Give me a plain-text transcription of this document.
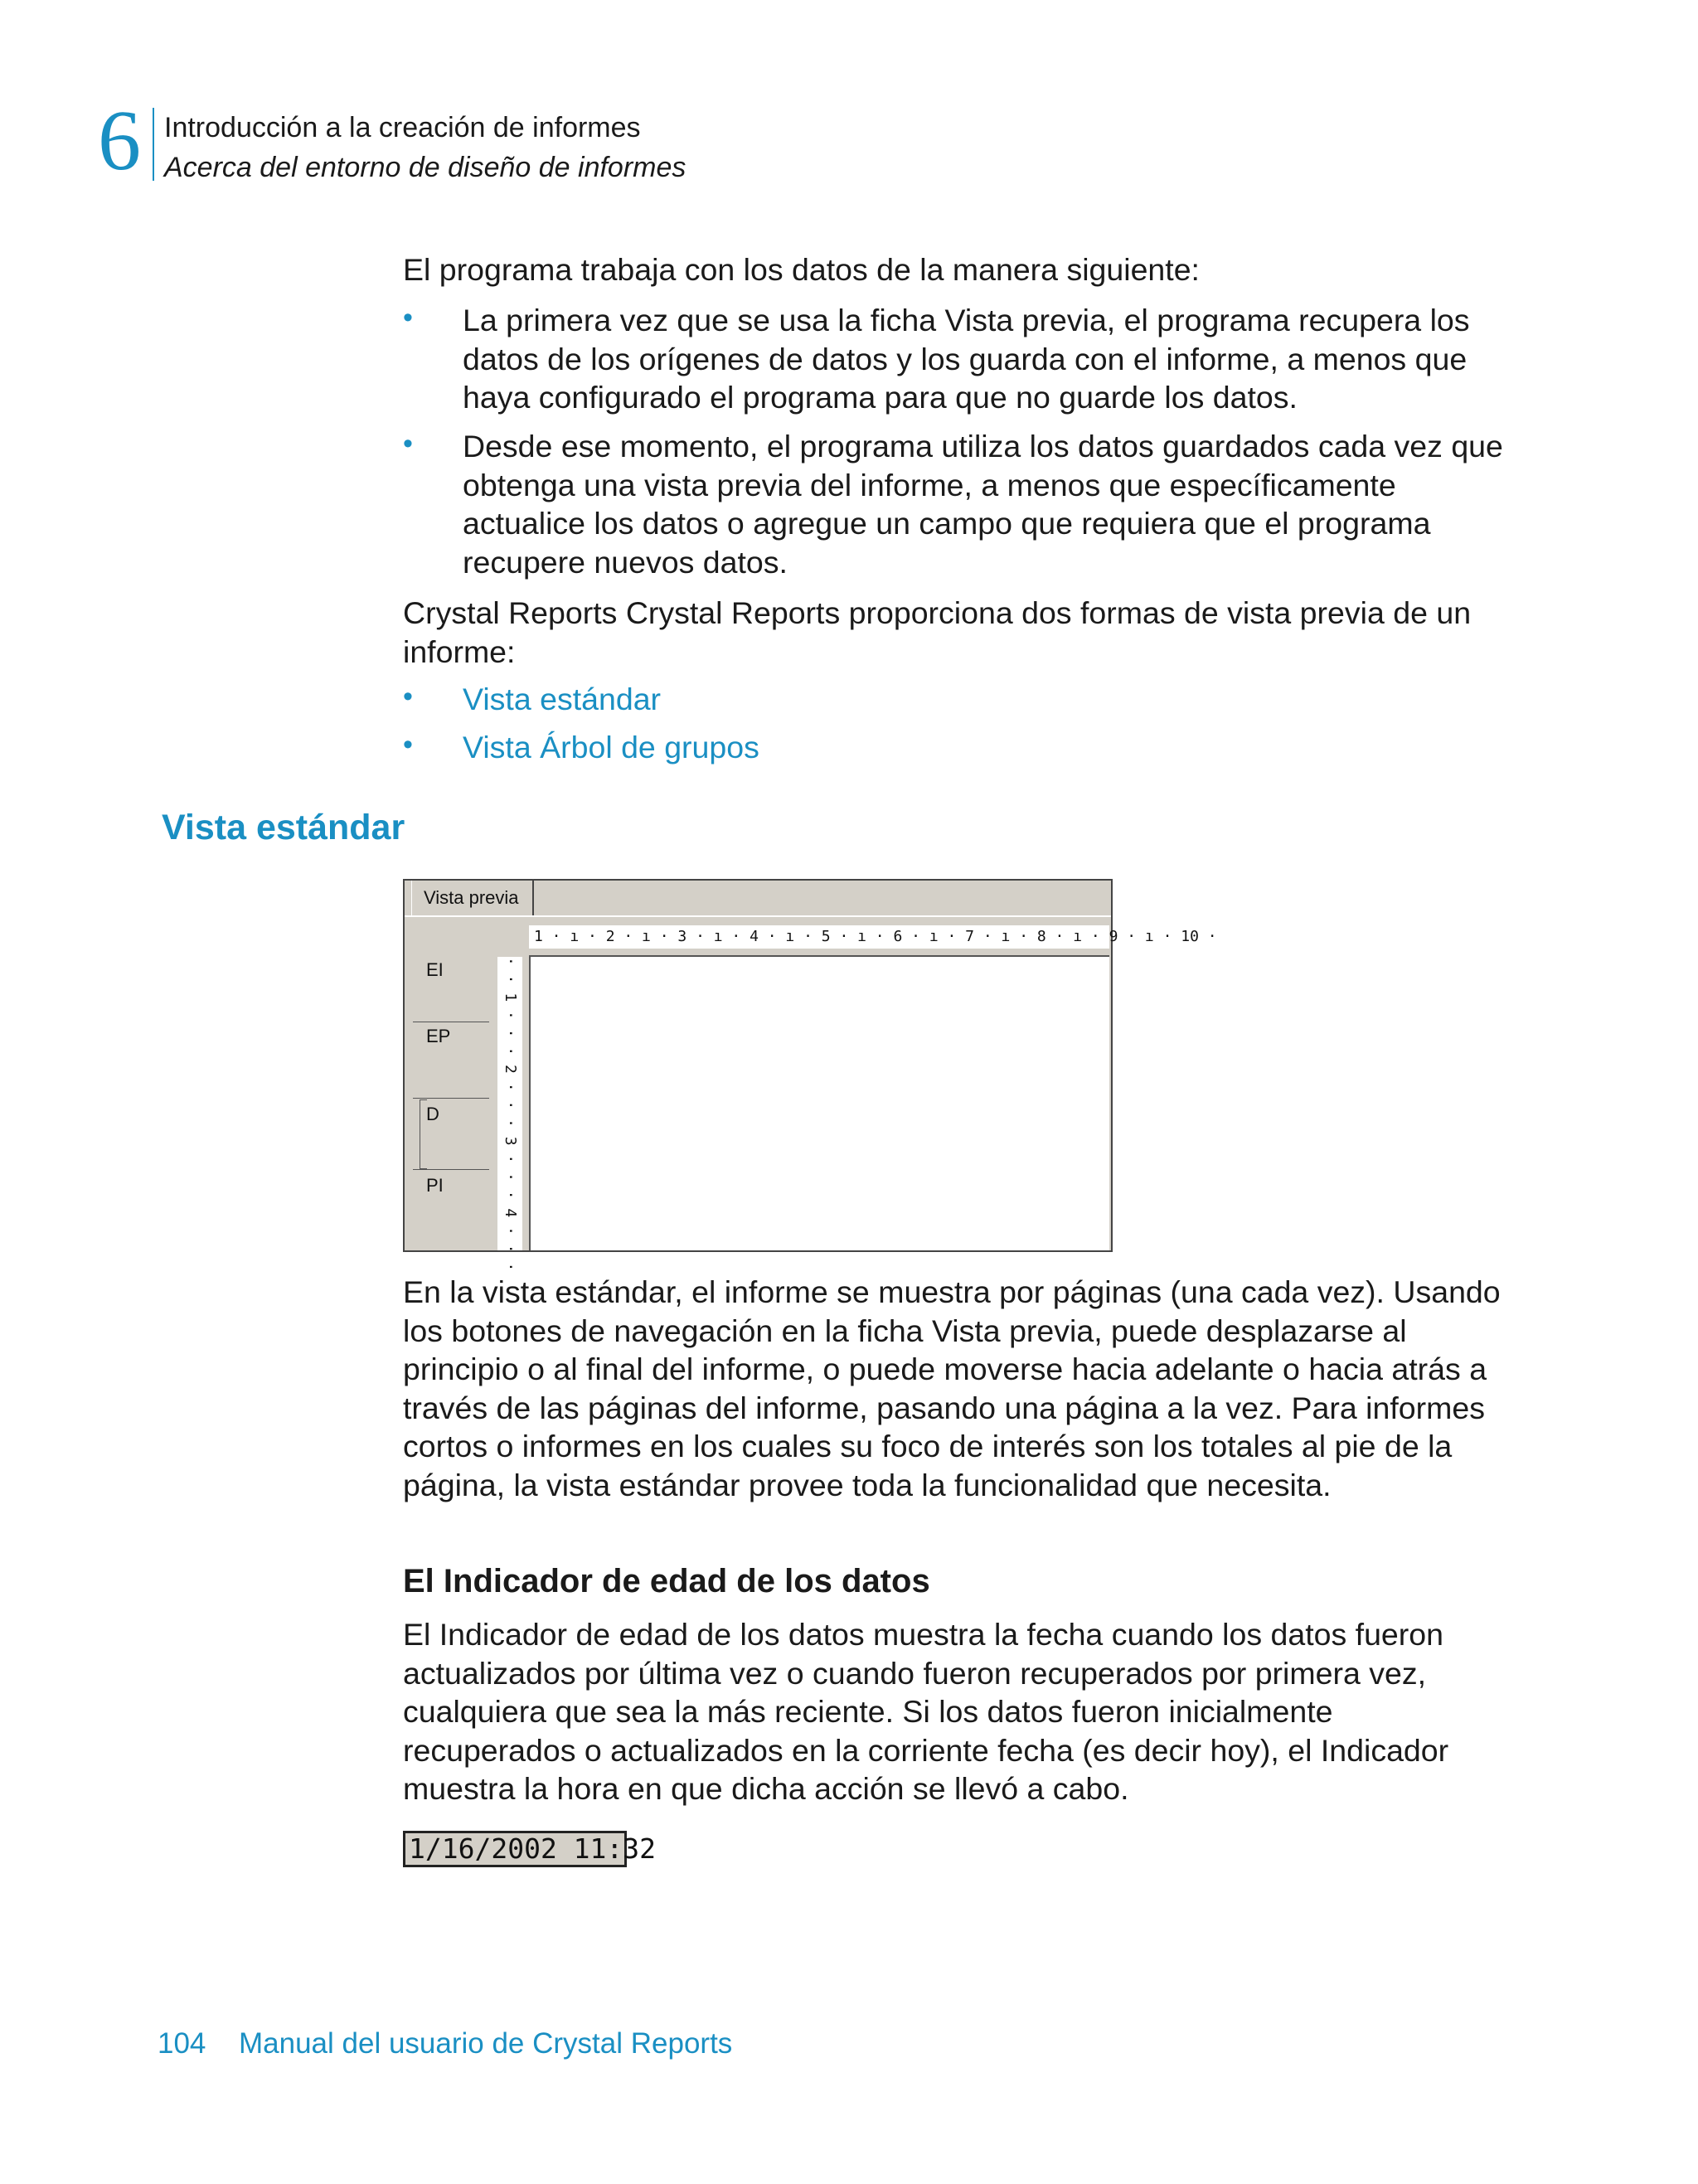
6 Introducción a la creación de informes
Acerca del entorno de diseño de informes
El programa trabaja con los datos de la manera siguiente:
•	La primera vez que se usa la ficha Vista previa, el programa recupera los datos de los orígenes de datos y los guarda con el informe, a menos que haya configurado el programa para que no guarde los datos.
•	Desde ese momento, el programa utiliza los datos guardados cada vez que obtenga una vista previa del informe, a menos que específicamente actualice los datos o agregue un campo que requiera que el programa recupere nuevos datos.
Crystal Reports Crystal Reports proporciona dos formas de vista previa de un informe:
•	Vista estándar
•	Vista Árbol de grupos
Vista estándar
Vista previa
1 · ı · 2 · ı · 3 · ı · 4 · ı · 5 · ı · 6 · ı · 7 · ı · 8 · ı · 9 · ı · 10 ·
· · 1 · · · 2 · · · 3 · · · 4 · · ·
EI
EP
D
PI
En la vista estándar, el informe se muestra por páginas (una cada vez). Usando los botones de navegación en la ficha Vista previa, puede desplazarse al principio o al final del informe, o puede moverse hacia adelante o hacia atrás a través de las páginas del informe, pasando una página a la vez. Para informes cortos o informes en los cuales su foco de interés son los totales al pie de la página, la vista estándar provee toda la funcionalidad que necesita.
El Indicador de edad de los datos
El Indicador de edad de los datos muestra la fecha cuando los datos fueron actualizados por última vez o cuando fueron recuperados por primera vez, cualquiera que sea la más reciente. Si los datos fueron inicialmente recuperados o actualizados en la corriente fecha (es decir hoy), el Indicador muestra la hora en que dicha acción se llevó a cabo.
1/16/2002 11:32
104 Manual del usuario de Crystal Reports
